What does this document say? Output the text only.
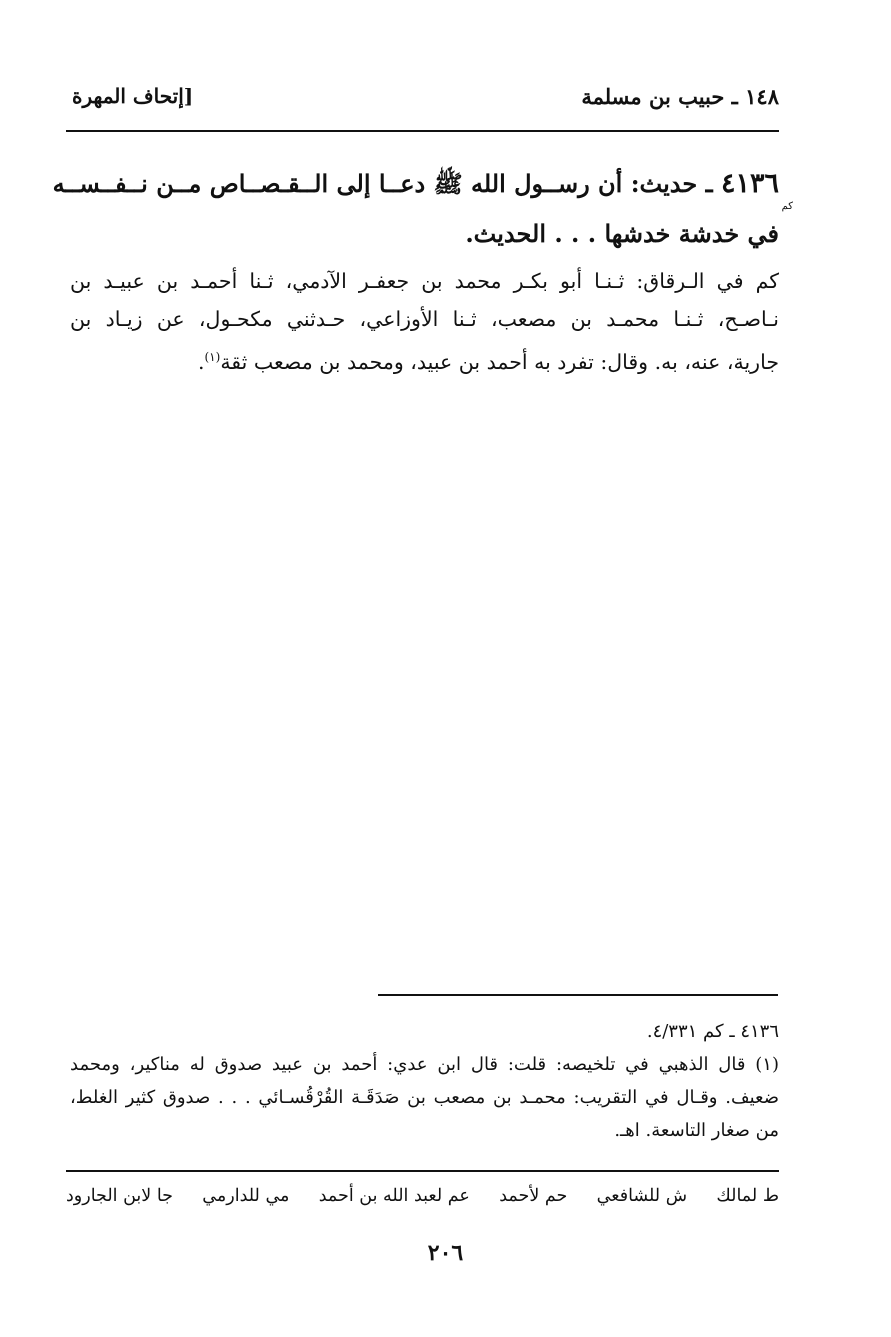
١٤٨ ـ حبيب بن مسلمة
[إتحاف المهرة
٤١٣٦ ـ حديث: أن رســول الله ﷺ دعــا إلى الــقـصــاص مــن نــفــســه
كم
في خدشة خدشها . . . الحديث.
كم في الـرقاق: ثـنـا أبو بكـر محمد بن جعفـر الآدمي، ثـنا أحمـد بن عبيـد بن
نـاصـح، ثـنـا محمـد بن مصعب، ثـنا الأوزاعي، حـدثني مكحـول، عن زيـاد بن
جارية، عنه، به. وقال: تفرد به أحمد بن عبيد، ومحمد بن مصعب ثقة$^{(١)}$.
٤١٣٦ ـ كم ٤/٣٣١.
(١) قال الذهبي في تلخيصه: قلت: قال ابن عدي: أحمد بن عبيد صدوق له مناكير، ومحمد
ضعيف. وقـال في التقريب: محمـد بن مصعب بن صَدَقَـة القُرْقُسـائي . . . صدوق كثير الغلط،
من صغار التاسعة. اهـ.
ط لمالك
ش للشافعي
حم لأحمد
عم لعبد الله بن أحمد
مي للدارمي
جا لابن الجارود
٢٠٦
